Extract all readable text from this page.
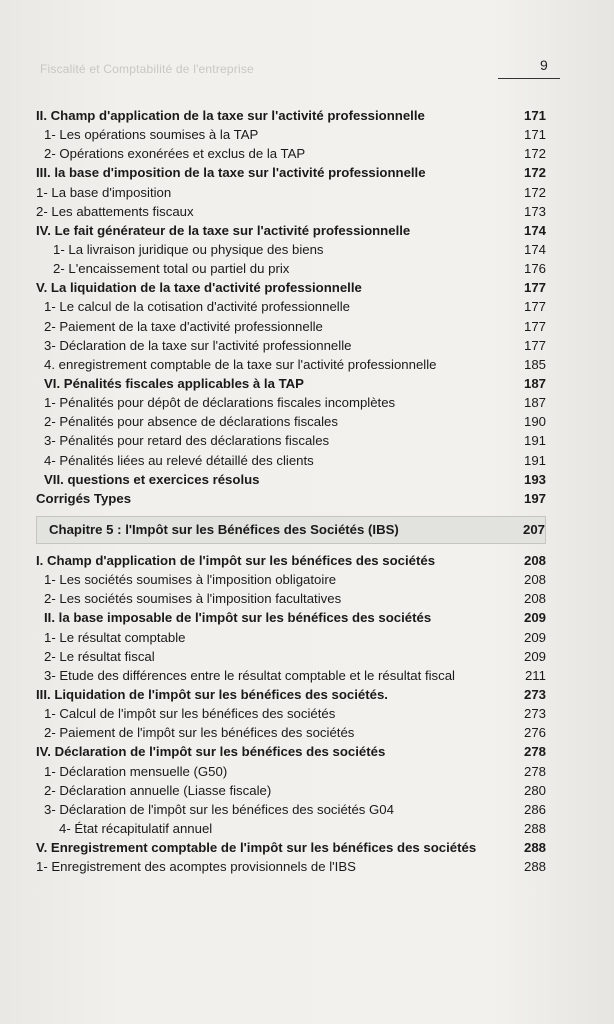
Fiscalité et Comptabilité de l'entreprise	9
II. Champ d'application de la taxe sur l'activité professionnelle	171
1- Les opérations soumises à la TAP	171
2- Opérations exonérées et exclus de la TAP	172
III. la base d'imposition de la taxe sur l'activité professionnelle	172
1- La base d'imposition	172
2- Les abattements fiscaux	173
IV. Le fait générateur de la taxe sur l'activité professionnelle	174
1- La livraison juridique ou physique des biens	174
2- L'encaissement total ou partiel du prix	176
V. La liquidation de la taxe d'activité professionnelle	177
1- Le calcul de la cotisation d'activité professionnelle	177
2- Paiement de la taxe d'activité professionnelle	177
3- Déclaration de la taxe sur l'activité professionnelle	177
4. enregistrement comptable de la taxe sur l'activité professionnelle	185
VI. Pénalités fiscales applicables à la TAP	187
1- Pénalités pour dépôt de déclarations fiscales incomplètes	187
2- Pénalités pour absence de déclarations fiscales	190
3- Pénalités pour retard des déclarations fiscales	191
4- Pénalités liées au relevé détaillé des clients	191
VII. questions et exercices résolus	193
Corrigés Types	197
Chapitre 5 : l'Impôt sur les Bénéfices des Sociétés (IBS)	207
I. Champ d'application de l'impôt sur les bénéfices des sociétés	208
1- Les sociétés soumises à l'imposition obligatoire	208
2- Les sociétés soumises à l'imposition facultatives	208
II. la base imposable de l'impôt sur les bénéfices des sociétés	209
1- Le résultat comptable	209
2- Le résultat fiscal	209
3- Etude des différences entre le résultat comptable et le résultat fiscal	211
III. Liquidation de l'impôt sur les bénéfices des sociétés.	273
1- Calcul de l'impôt sur les bénéfices des sociétés	273
2- Paiement de l'impôt sur les bénéfices des sociétés	276
IV. Déclaration de l'impôt sur les bénéfices des sociétés	278
1- Déclaration mensuelle (G50)	278
2- Déclaration annuelle (Liasse fiscale)	280
3- Déclaration de l'impôt sur les bénéfices des sociétés G04	286
4- État récapitulatif annuel	288
V. Enregistrement comptable de l'impôt sur les bénéfices des sociétés	288
1- Enregistrement des acomptes provisionnels de l'IBS	288
